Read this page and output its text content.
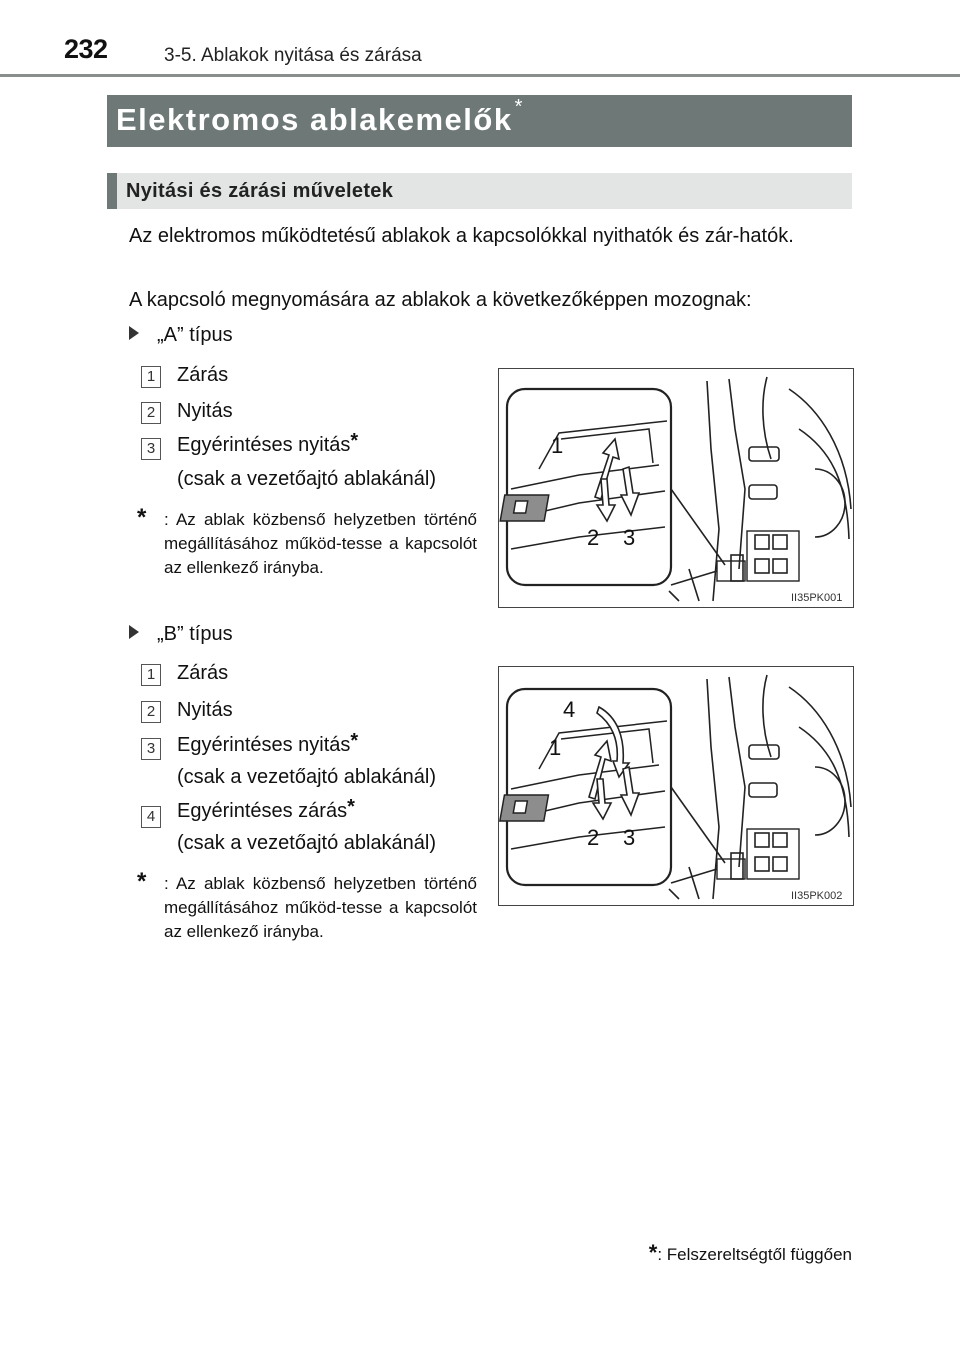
232	3-5. Ablakok nyitása és zárása
Elektromos ablakemelők *
Nyitási és zárási műveletek
Az elektromos működtetésű ablakok a kapcsolókkal nyithatók és zár-hatók.
A kapcsoló megnyomására az ablakok a következőképpen mozognak:
„A” típus
1 Zárás
2 Nyitás
3 Egyérintéses nyitás*
(csak a vezetőajtó ablakánál)
* : Az ablak közbenső helyzetben történő megállításához működ-tesse a kapcsolót az ellenkező irányba.
1
2 3
II35PK001
„B” típus
1 Zárás
2 Nyitás
3 Egyérintéses nyitás*
(csak a vezetőajtó ablakánál)
4 Egyérintéses zárás*
(csak a vezetőajtó ablakánál)
* : Az ablak közbenső helyzetben történő megállításához működ-tesse a kapcsolót az ellenkező irányba.
4
1
2 3
II35PK002
*: Felszereltségtől függően
